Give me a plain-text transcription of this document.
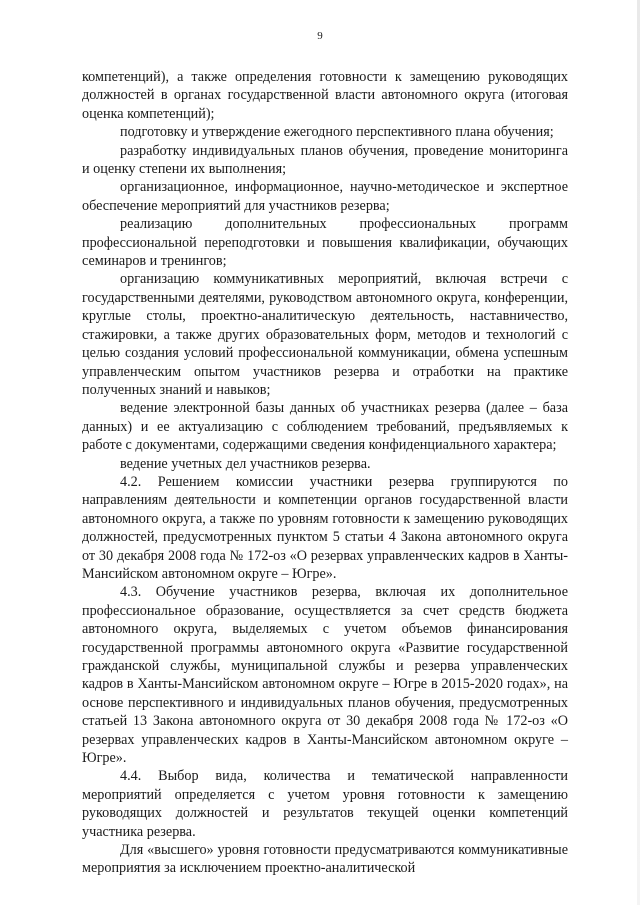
9

компетенций), а также определения готовности к замещению руководящих должностей в органах государственной власти автономного округа (итоговая оценка компетенций);

подготовку и утверждение ежегодного перспективного плана обучения;

разработку индивидуальных планов обучения, проведение мониторинга и оценку степени их выполнения;

организационное, информационное, научно-методическое и экспертное обеспечение мероприятий для участников резерва;

реализацию дополнительных профессиональных программ профессиональной переподготовки и повышения квалификации, обучающих семинаров и тренингов;

организацию коммуникативных мероприятий, включая встречи с государственными деятелями, руководством автономного округа, конференции, круглые столы, проектно-аналитическую деятельность, наставничество, стажировки, а также других образовательных форм, методов и технологий с целью создания условий профессиональной коммуникации, обмена успешным управленческим опытом участников резерва и отработки на практике полученных знаний и навыков;

ведение электронной базы данных об участниках резерва (далее – база данных) и ее актуализацию с соблюдением требований, предъявляемых к работе с документами, содержащими сведения конфиденциального характера;

ведение учетных дел участников резерва.

4.2. Решением комиссии участники резерва группируются по направлениям деятельности и компетенции органов государственной власти автономного округа, а также по уровням готовности к замещению руководящих должностей, предусмотренных пунктом 5 статьи 4 Закона автономного округа от 30 декабря 2008 года № 172-оз «О резервах управленческих кадров в Ханты-Мансийском автономном округе – Югре».

4.3. Обучение участников резерва, включая их дополнительное профессиональное образование, осуществляется за счет средств бюджета автономного округа, выделяемых с учетом объемов финансирования государственной программы автономного округа «Развитие государственной гражданской службы, муниципальной службы и резерва управленческих кадров в Ханты-Мансийском автономном округе – Югре в 2015-2020 годах», на основе перспективного и индивидуальных планов обучения, предусмотренных статьей 13 Закона автономного округа от 30 декабря 2008 года № 172-оз «О резервах управленческих кадров в Ханты-Мансийском автономном округе – Югре».

4.4. Выбор вида, количества и тематической направленности мероприятий определяется с учетом уровня готовности к замещению руководящих должностей и результатов текущей оценки компетенций участника резерва.

Для «высшего» уровня готовности предусматриваются коммуникативные мероприятия за исключением проектно-аналитической
